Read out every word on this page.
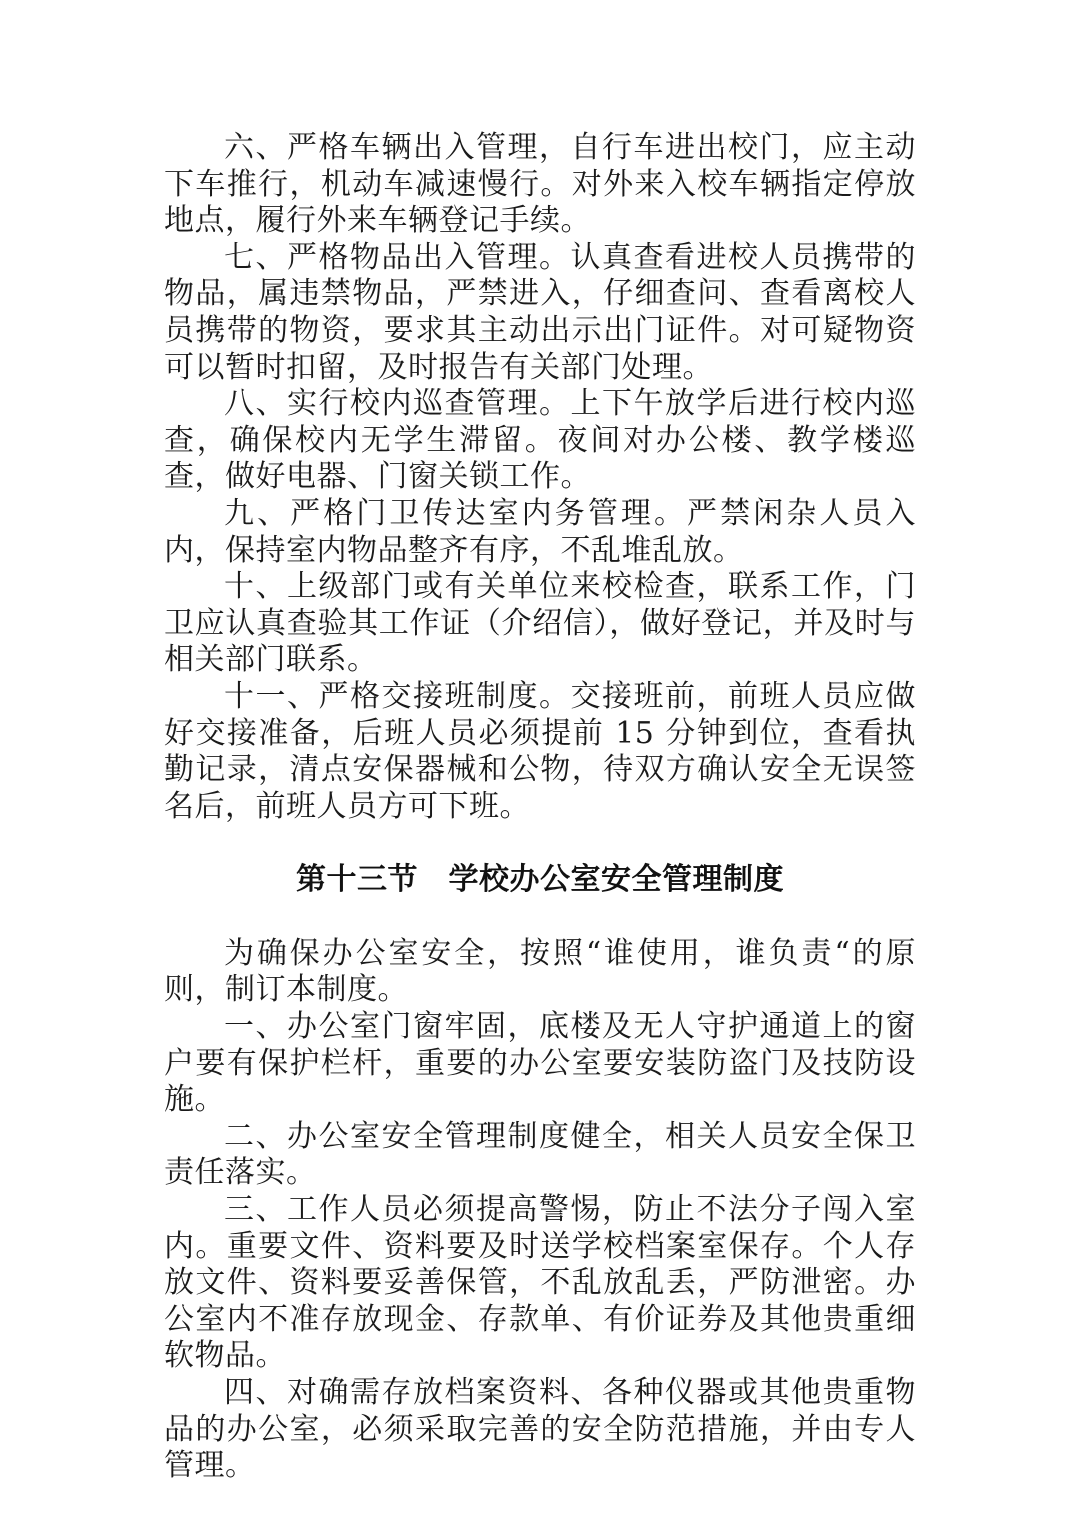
六、严格车辆出入管理，自行车进出校门，应主动下车推行，机动车减速慢行。对外来入校车辆指定停放地点，履行外来车辆登记手续。

七、严格物品出入管理。认真查看进校人员携带的物品，属违禁物品，严禁进入，仔细查问、查看离校人员携带的物资，要求其主动出示出门证件。对可疑物资可以暂时扣留，及时报告有关部门处理。

八、实行校内巡查管理。上下午放学后进行校内巡查，确保校内无学生滞留。夜间对办公楼、教学楼巡查，做好电器、门窗关锁工作。

九、严格门卫传达室内务管理。严禁闲杂人员入内，保持室内物品整齐有序，不乱堆乱放。

十、上级部门或有关单位来校检查，联系工作，门卫应认真查验其工作证（介绍信），做好登记，并及时与相关部门联系。

十一、严格交接班制度。交接班前，前班人员应做好交接准备，后班人员必须提前 15 分钟到位，查看执勤记录，清点安保器械和公物，待双方确认安全无误签名后，前班人员方可下班。

第十三节　学校办公室安全管理制度

为确保办公室安全，按照“谁使用，谁负责“的原则，制订本制度。

一、办公室门窗牢固，底楼及无人守护通道上的窗户要有保护栏杆，重要的办公室要安装防盗门及技防设施。

二、办公室安全管理制度健全，相关人员安全保卫责任落实。

三、工作人员必须提高警惕，防止不法分子闯入室内。重要文件、资料要及时送学校档案室保存。个人存放文件、资料要妥善保管，不乱放乱丢，严防泄密。办公室内不准存放现金、存款单、有价证券及其他贵重细软物品。

四、对确需存放档案资料、各种仪器或其他贵重物品的办公室，必须采取完善的安全防范措施，并由专人管理。
